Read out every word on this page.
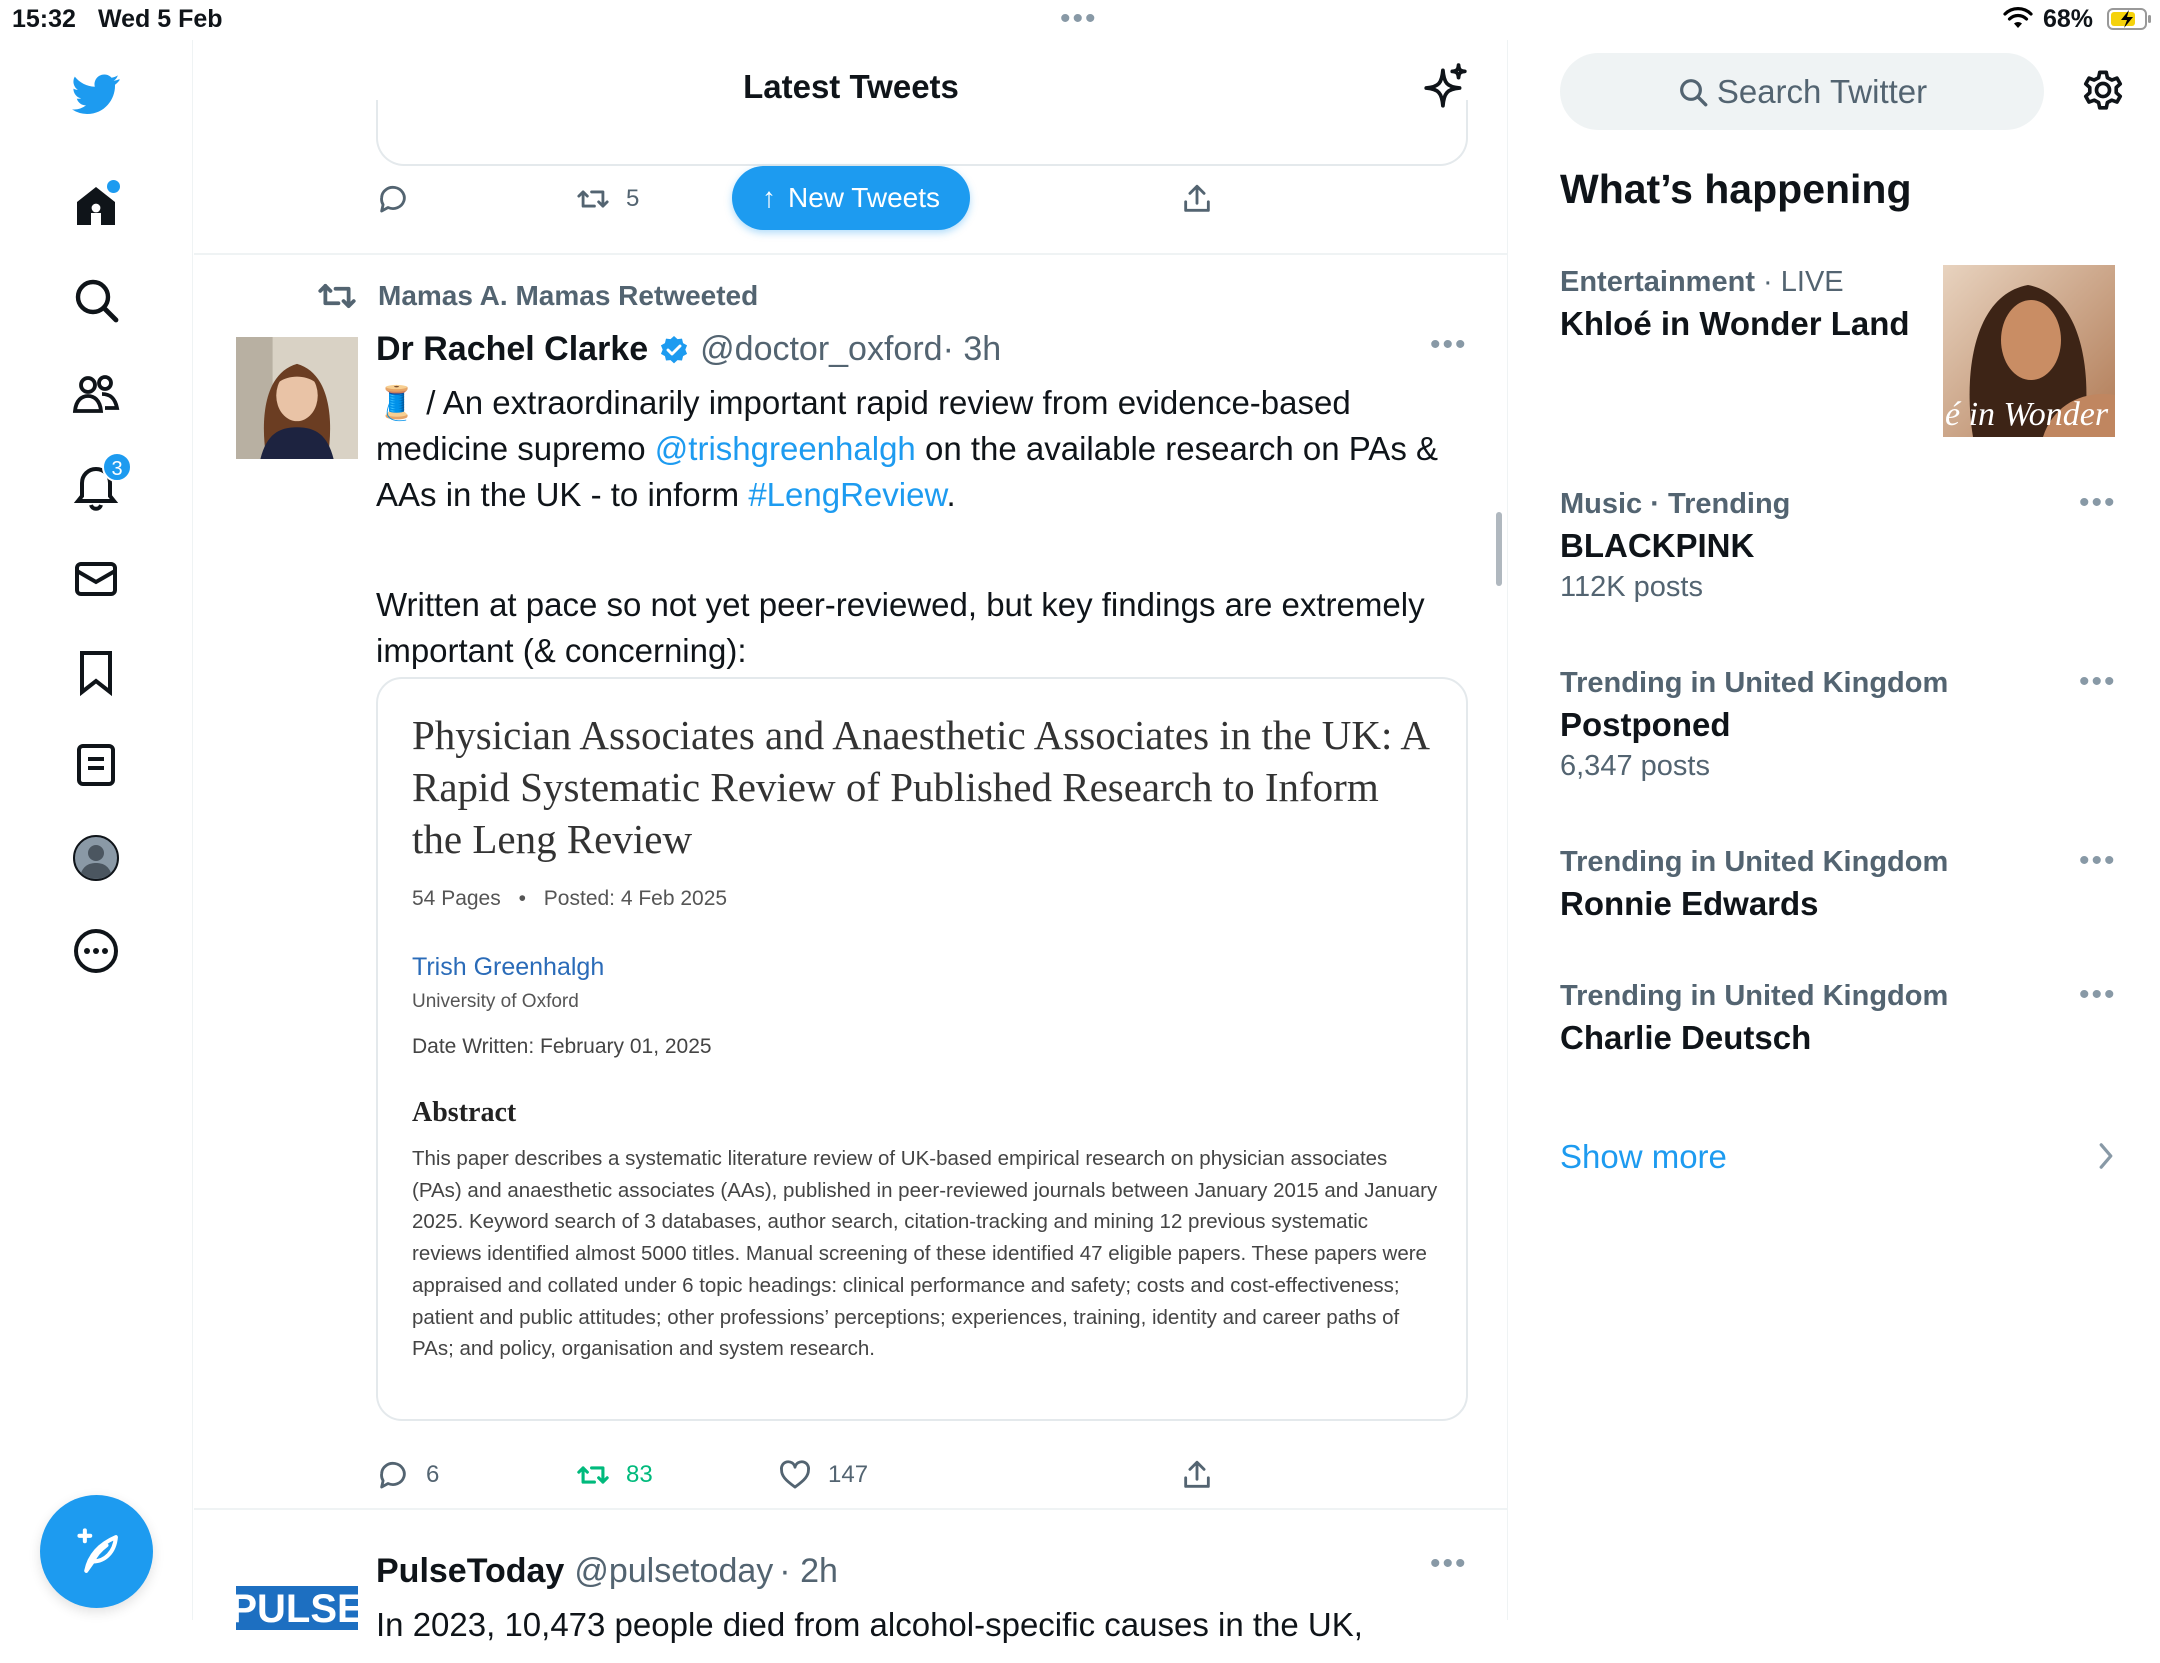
15:32 Wed 5 Feb	•••	68%
3
Latest Tweets
5	↑ New Tweets
Mamas A. Mamas Retweeted
Dr Rachel Clarke @doctor_oxford · 3h	•••
🧵 / An extraordinarily important rapid review from evidence-based medicine supremo @trishgreenhalgh on the available research on PAs & AAs in the UK - to inform #LengReview.
Written at pace so not yet peer-reviewed, but key findings are extremely important (& concerning):
Physician Associates and Anaesthetic Associates in the UK: A Rapid Systematic Review of Published Research to Inform the Leng Review
54 Pages • Posted: 4 Feb 2025
Trish Greenhalgh
University of Oxford
Date Written: February 01, 2025
Abstract
This paper describes a systematic literature review of UK-based empirical research on physician associates (PAs) and anaesthetic associates (AAs), published in peer-reviewed journals between January 2015 and January 2025. Keyword search of 3 databases, author search, citation-tracking and mining 12 previous systematic reviews identified almost 5000 titles. Manual screening of these identified 47 eligible papers. These papers were appraised and collated under 6 topic headings: clinical performance and safety; costs and cost-effectiveness; patient and public attitudes; other professions’ perceptions; experiences, training, identity and career paths of PAs; and policy, organisation and system research.
6	83	147
PULSE
PulseToday @pulsetoday · 2h	•••
In 2023, 10,473 people died from alcohol-specific causes in the UK,
Search Twitter
What’s happening
Entertainment · LIVE
Khloé in Wonder Land
é in Wonder l
Music · Trending
BLACKPINK
112K posts
•••
Trending in United Kingdom
Postponed
6,347 posts
•••
Trending in United Kingdom
Ronnie Edwards
•••
Trending in United Kingdom
Charlie Deutsch
•••
Show more
